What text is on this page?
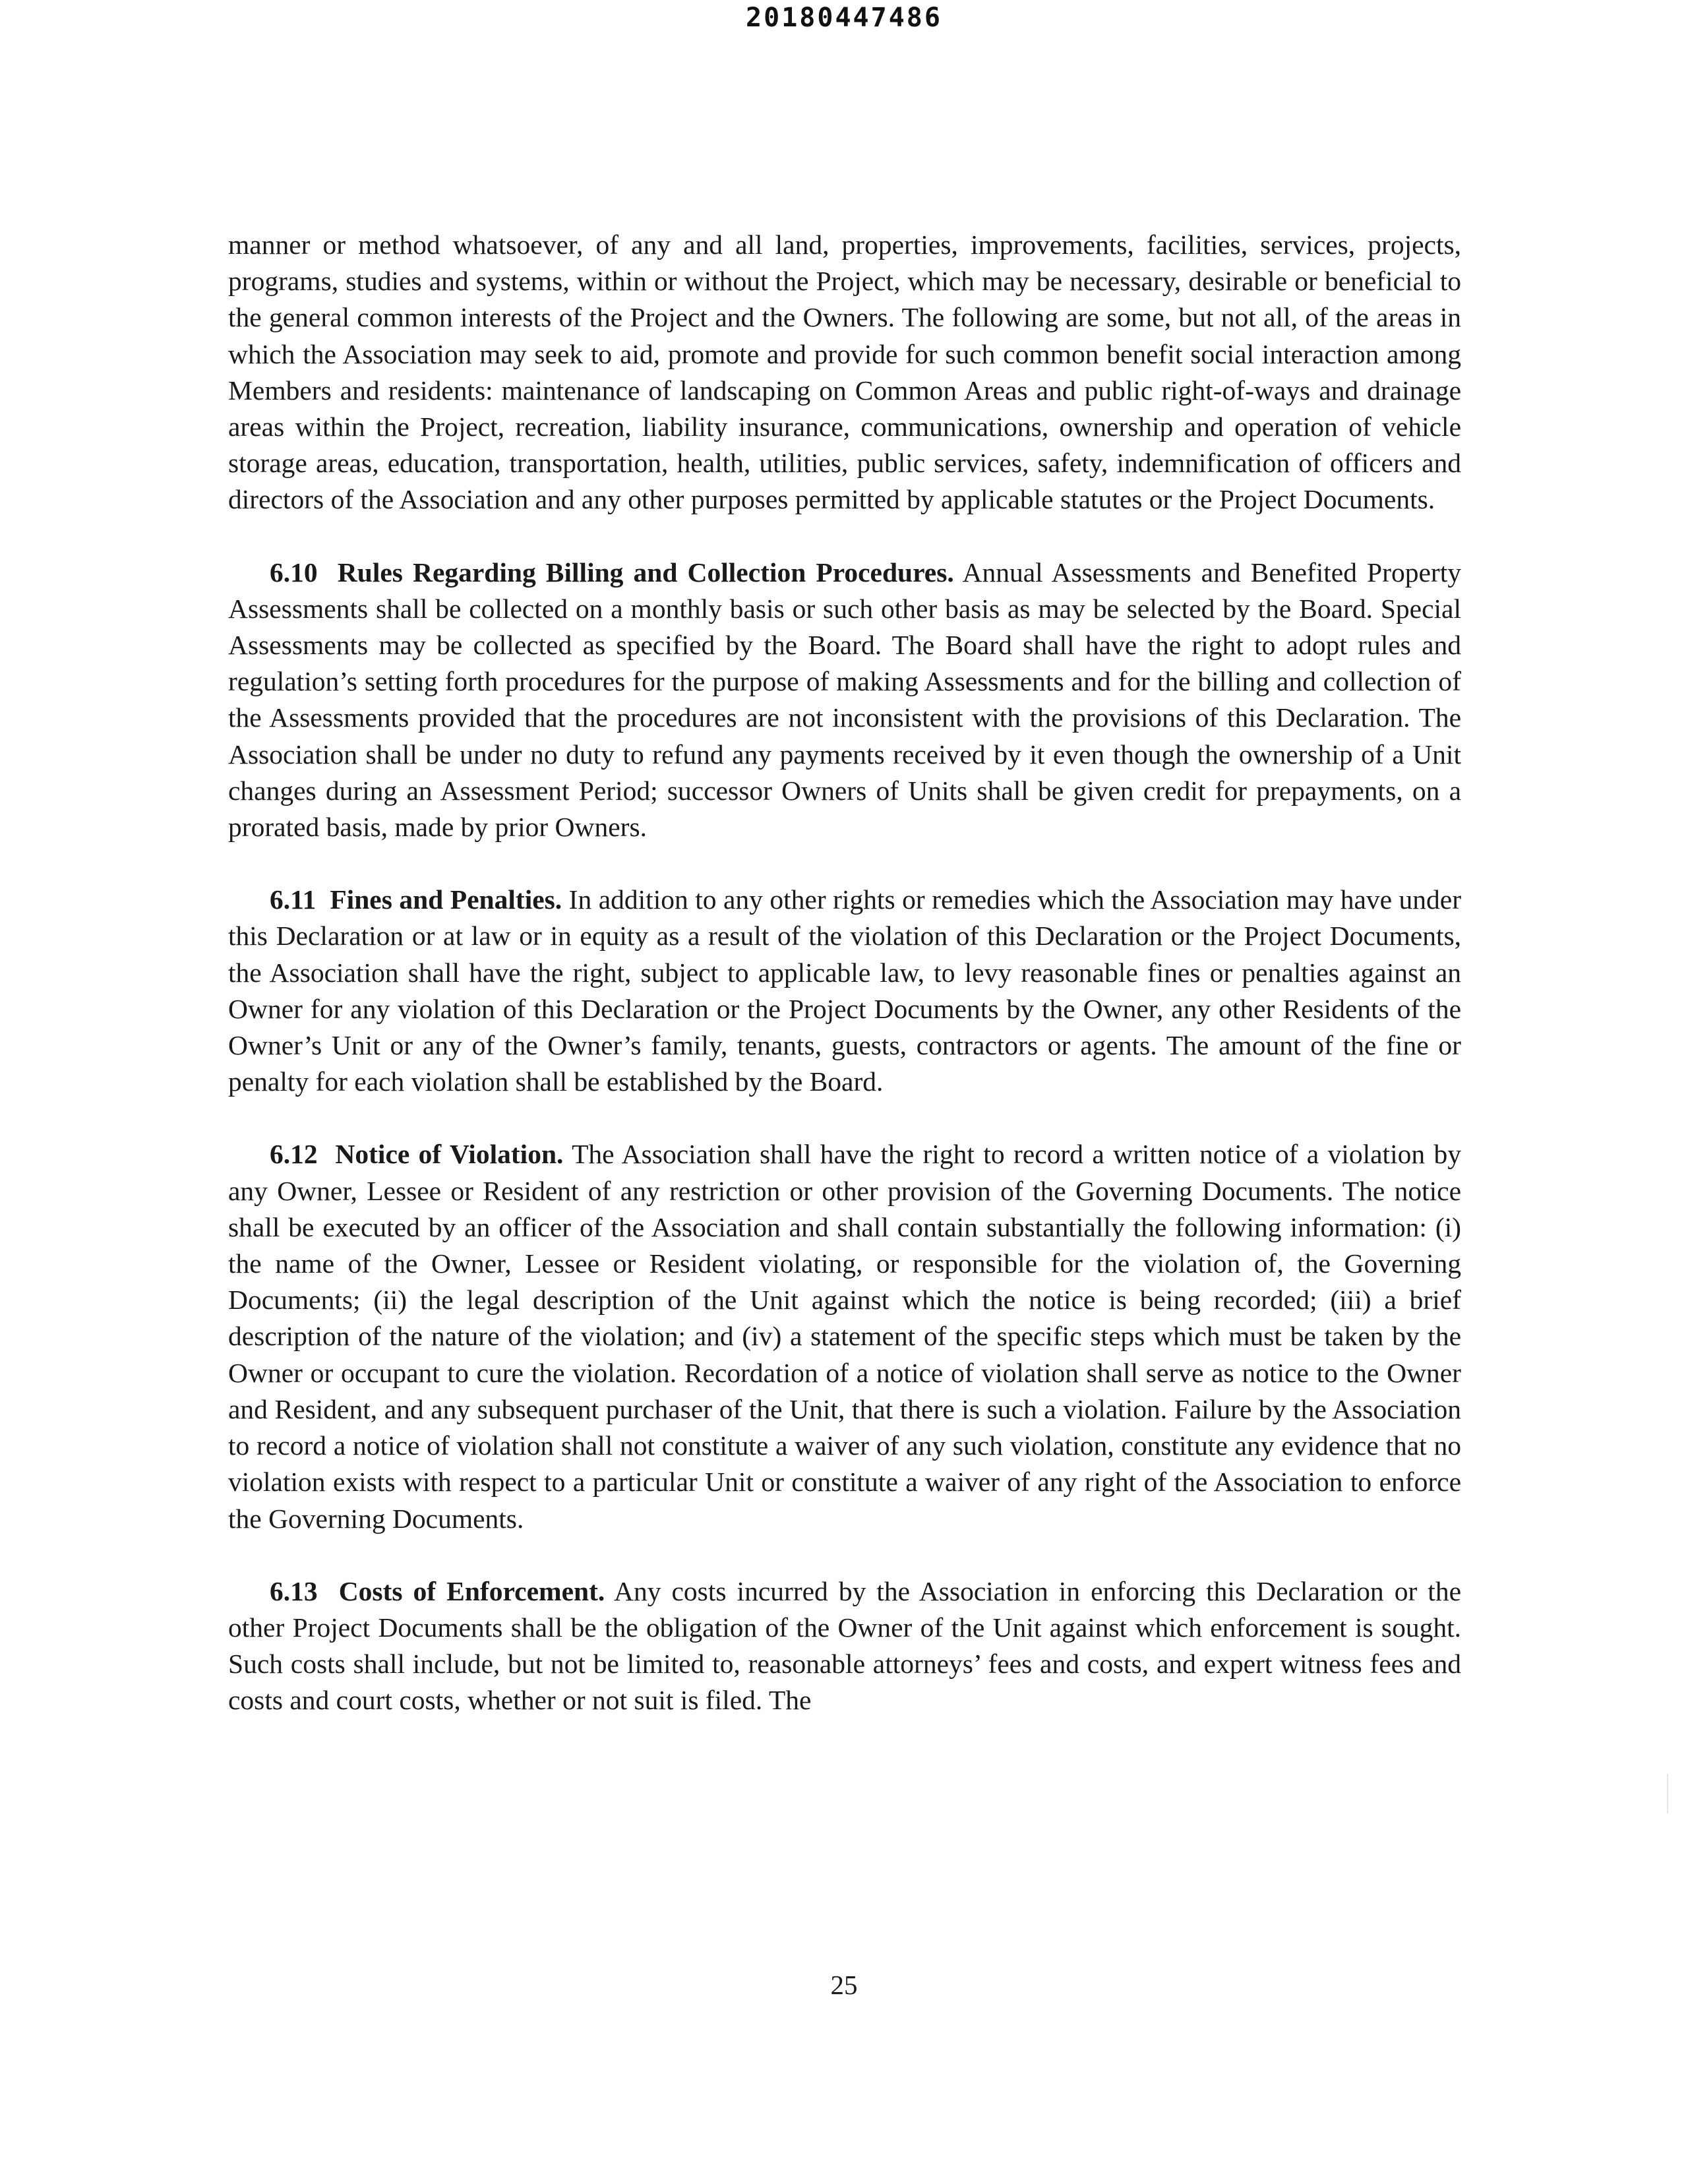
20180447486

manner or method whatsoever, of any and all land, properties, improvements, facilities, services, projects, programs, studies and systems, within or without the Project, which may be necessary, desirable or beneficial to the general common interests of the Project and the Owners. The following are some, but not all, of the areas in which the Association may seek to aid, promote and provide for such common benefit social interaction among Members and residents: maintenance of landscaping on Common Areas and public right-of-ways and drainage areas within the Project, recreation, liability insurance, communications, ownership and operation of vehicle storage areas, education, transportation, health, utilities, public services, safety, indemnification of officers and directors of the Association and any other purposes permitted by applicable statutes or the Project Documents.

6.10 Rules Regarding Billing and Collection Procedures. Annual Assessments and Benefited Property Assessments shall be collected on a monthly basis or such other basis as may be selected by the Board. Special Assessments may be collected as specified by the Board. The Board shall have the right to adopt rules and regulation’s setting forth procedures for the purpose of making Assessments and for the billing and collection of the Assessments provided that the procedures are not inconsistent with the provisions of this Declaration. The Association shall be under no duty to refund any payments received by it even though the ownership of a Unit changes during an Assessment Period; successor Owners of Units shall be given credit for prepayments, on a prorated basis, made by prior Owners.

6.11 Fines and Penalties. In addition to any other rights or remedies which the Association may have under this Declaration or at law or in equity as a result of the violation of this Declaration or the Project Documents, the Association shall have the right, subject to applicable law, to levy reasonable fines or penalties against an Owner for any violation of this Declaration or the Project Documents by the Owner, any other Residents of the Owner’s Unit or any of the Owner’s family, tenants, guests, contractors or agents. The amount of the fine or penalty for each violation shall be established by the Board.

6.12 Notice of Violation. The Association shall have the right to record a written notice of a violation by any Owner, Lessee or Resident of any restriction or other provision of the Governing Documents. The notice shall be executed by an officer of the Association and shall contain substantially the following information: (i) the name of the Owner, Lessee or Resident violating, or responsible for the violation of, the Governing Documents; (ii) the legal description of the Unit against which the notice is being recorded; (iii) a brief description of the nature of the violation; and (iv) a statement of the specific steps which must be taken by the Owner or occupant to cure the violation. Recordation of a notice of violation shall serve as notice to the Owner and Resident, and any subsequent purchaser of the Unit, that there is such a violation. Failure by the Association to record a notice of violation shall not constitute a waiver of any such violation, constitute any evidence that no violation exists with respect to a particular Unit or constitute a waiver of any right of the Association to enforce the Governing Documents.

6.13 Costs of Enforcement. Any costs incurred by the Association in enforcing this Declaration or the other Project Documents shall be the obligation of the Owner of the Unit against which enforcement is sought. Such costs shall include, but not be limited to, reasonable attorneys’ fees and costs, and expert witness fees and costs and court costs, whether or not suit is filed. The

25
